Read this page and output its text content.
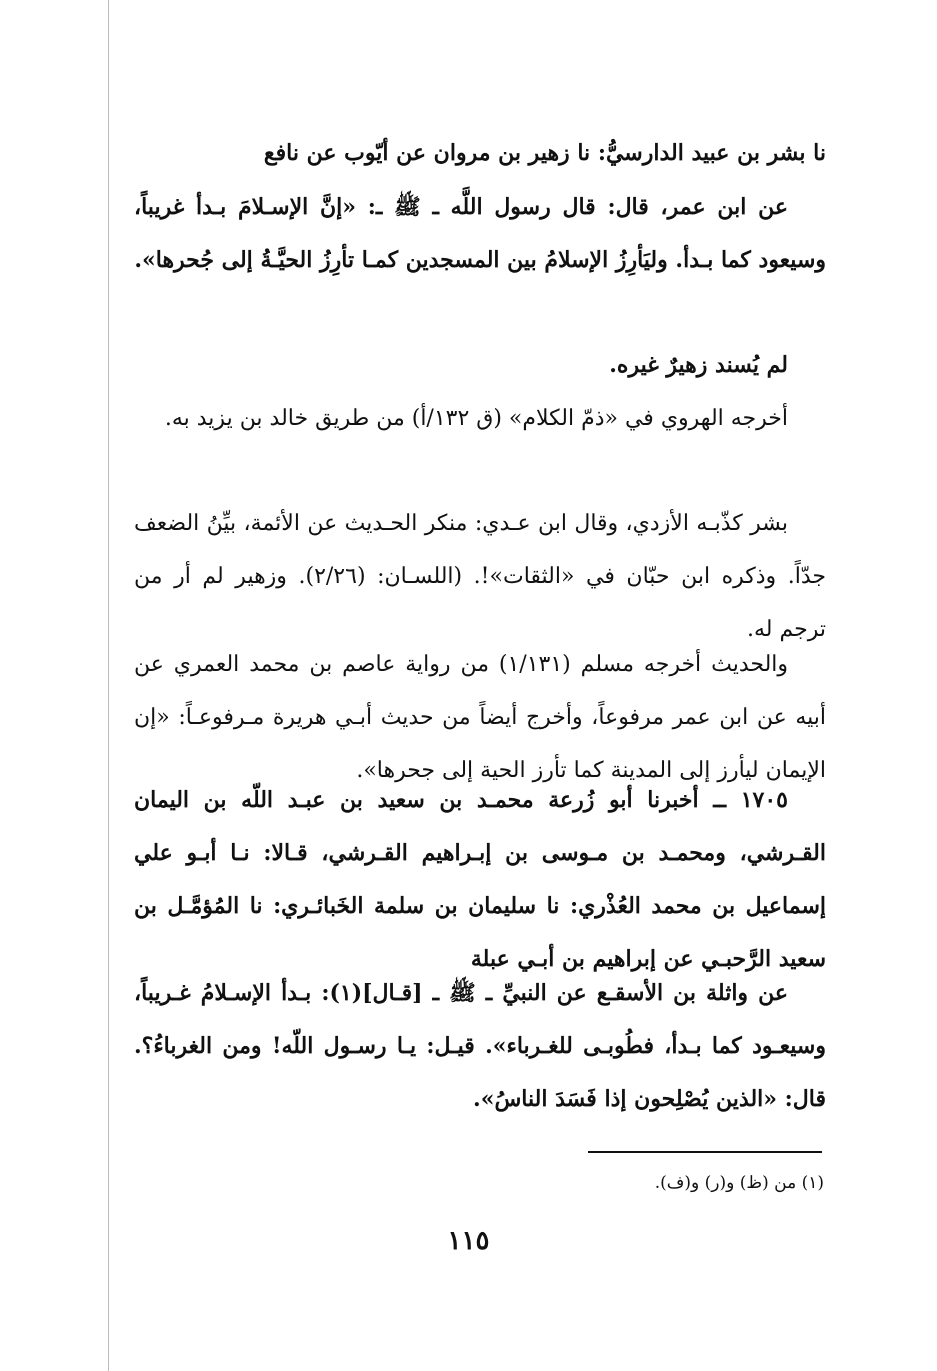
نا بشر بن عبيد الدارسيُّ: نا زهير بن مروان عن أيّوب عن نافع

عن ابن عمر، قال: قال رسول اللَّه ـ ﷺ ـ: «إنَّ الإسـلامَ بـدأ غريباً، وسيعود كما بـدأ. وليَأرِزُ الإسلامُ بين المسجدين كمـا تأرِزُ الحيَّـةُ إلى جُحرها».

لم يُسند زهيرٌ غيره.

أخرجه الهروي في «ذمّ الكلام» (ق ١٣٢/أ) من طريق خالد بن يزيد به.

بشر كذّبـه الأزدي، وقال ابن عـدي: منكر الحـديث عن الأئمة، بيِّنُ الضعف جدّاً. وذكره ابن حبّان في «الثقات»!. (اللسـان: (٢/٢٦). وزهير لم أر من ترجم له.

والحديث أخرجه مسلم (١/١٣١) من رواية عاصم بن محمد العمري عن أبيه عن ابن عمر مرفوعاً، وأخرج أيضاً من حديث أبـي هريرة مـرفوعـاً: «إن الإيمان ليأرز إلى المدينة كما تأرز الحية إلى جحرها».

١٧٠٥ ــ أخبرنا أبو زُرعة محمـد بن سعيد بن عبـد اللّه بن اليمان القـرشي، ومحمـد بن مـوسى بن إبـراهيم القـرشي، قـالا: نـا أبـو علي إسماعيل بن محمد العُذْري: نا سليمان بن سلمة الخَبائـري: نا المُؤمَّـل بن سعيد الرَّحبـي عن إبراهيم بن أبـي عبلة

عن واثلة بن الأسقـع عن النبيِّ ـ ﷺ ـ [قـال](١): بـدأ الإسـلامُ غـريباً، وسيعـود كما بـدأ، فطُوبـى للغـرباء». قيـل: يـا رسـول اللّه! ومن الغرباءُ؟. قال: «الذين يُصْلِحون إذا فَسَدَ الناسُ».

(١) من (ظ) و(ر) و(ف).
١١٥
